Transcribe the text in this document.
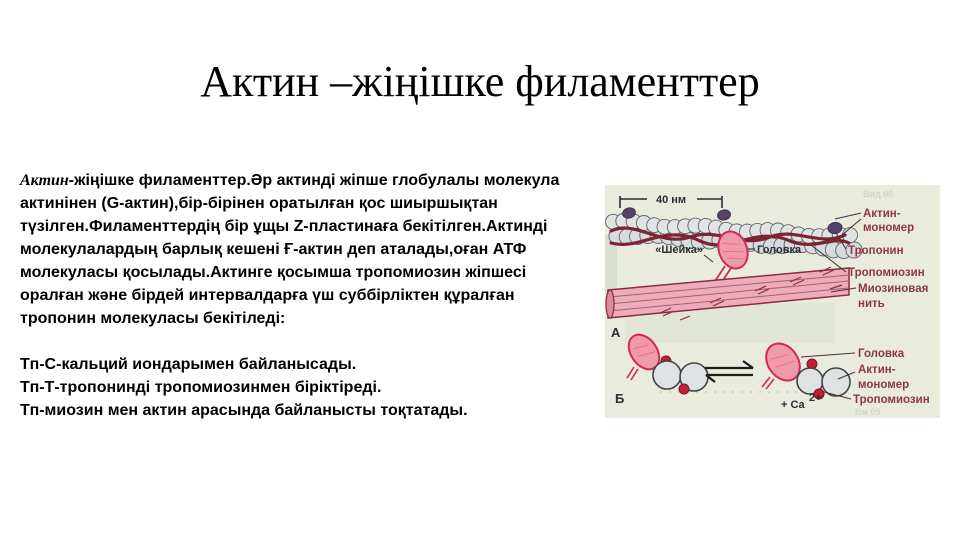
Актин –жіңішке филаменттер

Актин-жіңішке филаменттер.Әр актинді жіпше глобулалы молекула
актинінен (G-актин),бір-бірінен оратылған қос шиыршықтан
түзілген.Филаменттердің бір ұщы Z-пластинаға бекітілген.Актинді
молекулалардың барлық кешені Ғ-актин деп аталады,оған АТФ
молекуласы қосылады.Актинге қосымша тропомиозин жіпшесі
оралған және бірдей интервалдарға үш суббірліктен құралған
тропонин молекуласы бекітіледі:

Тп-С-кальций иондарымен байланысады.
Тп-Т-тропонинді тропомиозинмен біріктіреді.
Тп-миозин мен актин арасында байланысты тоқтатады.

Вид 00
Вм 05
40 нм
Актин-
мономер
Тропонин
Тропомиозин
Миозиновая
нить
«Шейка»	Головка
А
Б	+ Са
2+
Головка
Актин-
мономер
Тропомиозин
